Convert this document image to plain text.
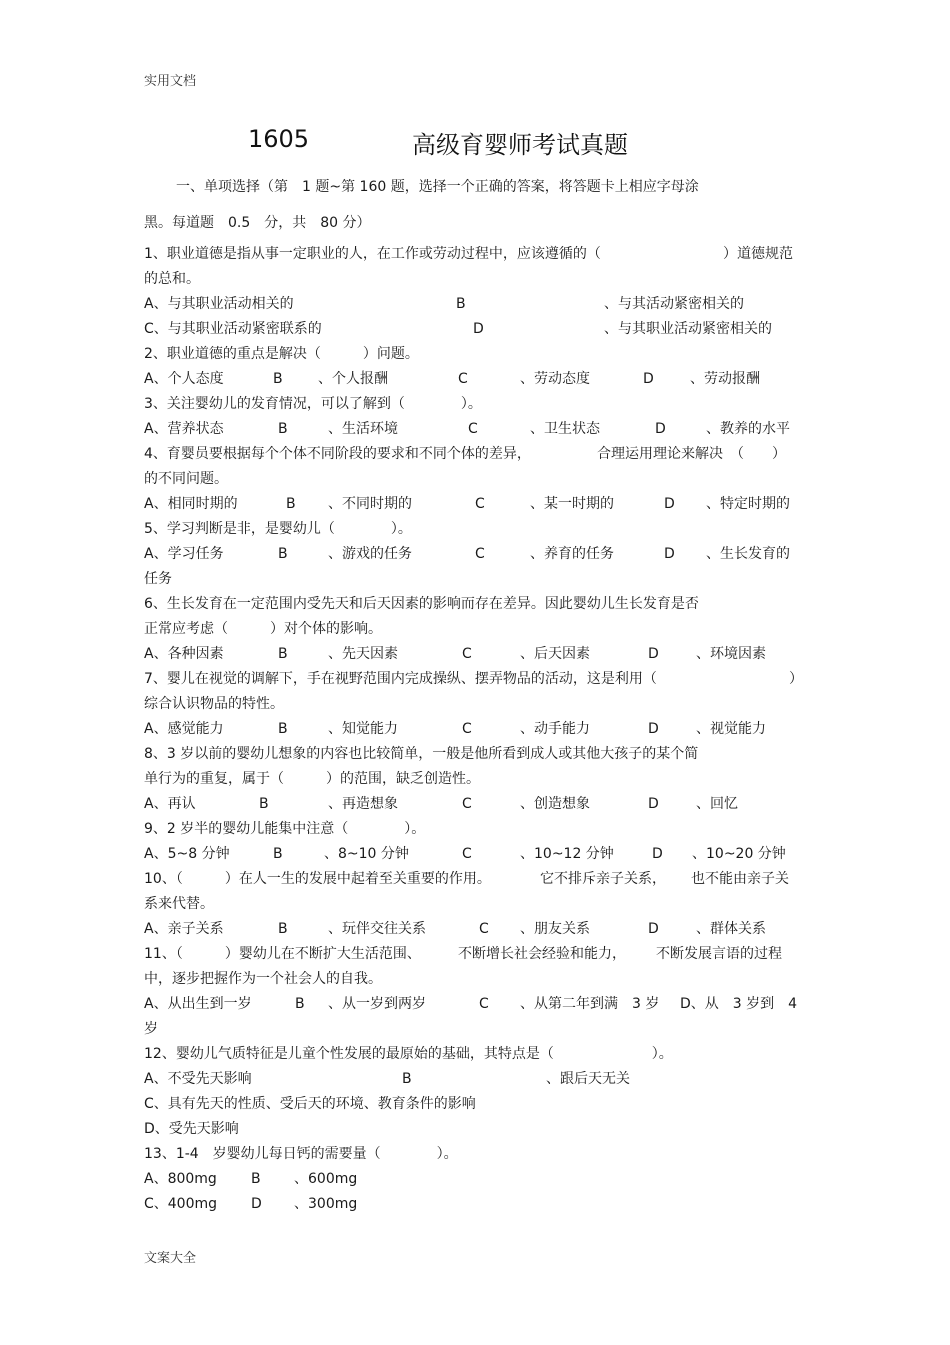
实用文档
1605	高级育婴师考试真题
一、单项选择（第　1 题~第 160 题，选择一个正确的答案，将答题卡上相应字母涂
黑。每道题　0.5　分，共　80 分）
1、职业道德是指从事一定职业的人，在工作或劳动过程中，应该遵循的（	）道德规范
的总和。
A、与其职业活动相关的	B	、与其活动紧密相关的
C、与其职业活动紧密联系的	D	、与其职业活动紧密相关的
2、职业道德的重点是解决（　　　）问题。
A、个人态度	B	、个人报酬	C	、劳动态度	D	、劳动报酬
3、关注婴幼儿的发育情况，可以了解到（　　　　）。
A、营养状态	B	、生活环境	C	、卫生状态	D	、教养的水平
4、育婴员要根据每个个体不同阶段的要求和不同个体的差异，	合理运用理论来解决　（　　）
的不同问题。
A、相同时期的	B 、不同时期的	C	、某一时期的	D 、特定时期的
5、学习判断是非，是婴幼儿（　　　　）。
A、学习任务	B	、游戏的任务	C	、养育的任务	D 、生长发育的
任务
6、生长发育在一定范围内受先天和后天因素的影响而存在差异。因此婴幼儿生长发育是否
正常应考虑（　　　）对个体的影响。
A、各种因素	B	、先天因素	C	、后天因素	D	、环境因素
7、婴儿在视觉的调解下，手在视野范围内完成操纵、摆弄物品的活动，这是利用（	）
综合认识物品的特性。
A、感觉能力	B	、知觉能力	C	、动手能力	D	、视觉能力
8、3 岁以前的婴幼儿想象的内容也比较简单，一般是他所看到成人或其他大孩子的某个简
单行为的重复，属于（　　　）的范围，缺乏创造性。
A、再认	B	、再造想象	C	、创造想象	D	、回忆
9、2 岁半的婴幼儿能集中注意（　　　　）。
A、5~8 分钟	B	、8~10 分钟	C	、10~12 分钟	D 、10~20 分钟
10、（　　　）在人一生的发展中起着至关重要的作用。	它不排斥亲子关系， 也不能由亲子关
系来代替。
A、亲子关系	B	、玩伴交往关系	C 、朋友关系	D	、群体关系
11、（　　　）婴幼儿在不断扩大生活范围、	不断增长社会经验和能力， 不断发展言语的过程
中，逐步把握作为一个社会人的自我。
A、从出生到一岁	B 、从一岁到两岁	C 、从第二年到满　3 岁 D、从　3 岁到　4
岁
12、婴幼儿气质特征是儿童个性发展的最原始的基础，其特点是（　　　　　　　）。
A、不受先天影响	B	、跟后天无关
C、具有先天的性质、受后天的环境、教育条件的影响
D、受先天影响
13、1-4　岁婴幼儿每日钙的需要量（　　　　）。
A、800mg B 、600mg
C、400mg D 、300mg
文案大全
